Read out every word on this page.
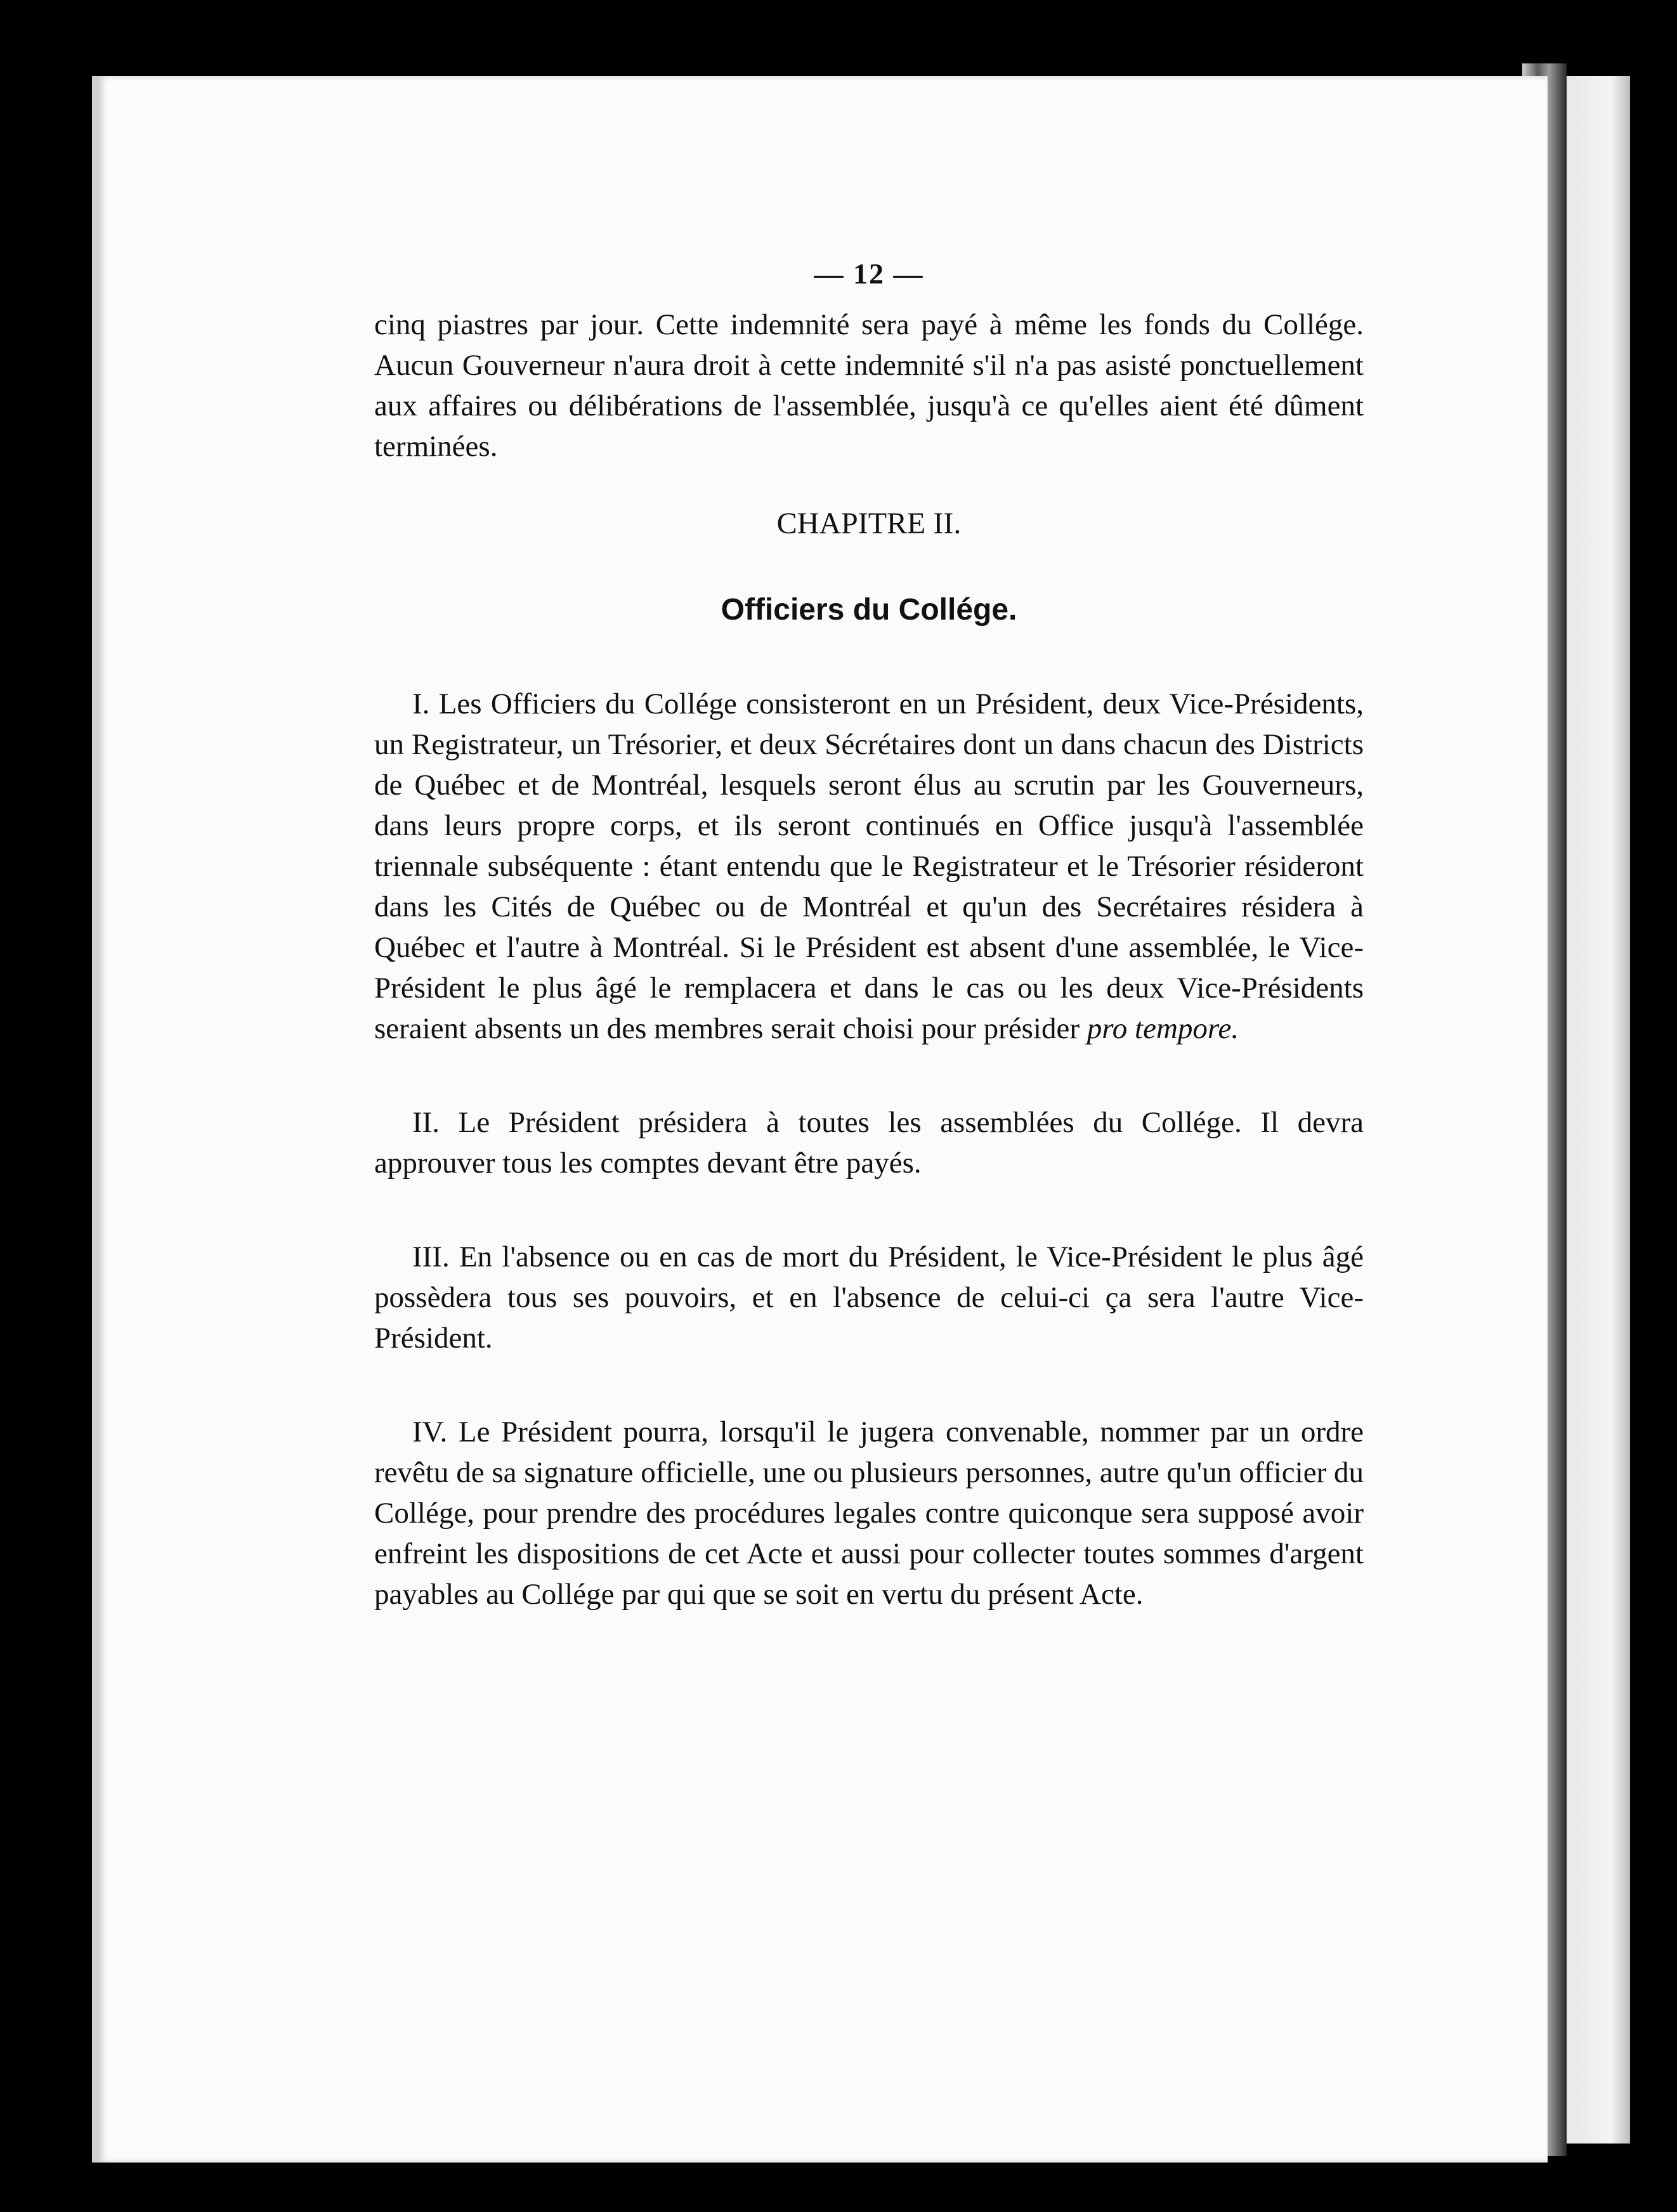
— 12 —

cinq piastres par jour. Cette indemnité sera payé à même les fonds du Collége. Aucun Gouverneur n'aura droit à cette indemnité s'il n'a pas asisté ponctuellement aux affaires ou délibérations de l'assemblée, jusqu'à ce qu'elles aient été dûment terminées.

CHAPITRE II.
Officiers du Collége.

I. Les Officiers du Collége consisteront en un Président, deux Vice-Présidents, un Registrateur, un Trésorier, et deux Sécrétaires dont un dans chacun des Districts de Québec et de Montréal, lesquels seront élus au scrutin par les Gouverneurs, dans leurs propre corps, et ils seront continués en Office jusqu'à l'assemblée triennale subséquente : étant entendu que le Registrateur et le Trésorier résideront dans les Cités de Québec ou de Montréal et qu'un des Secrétaires résidera à Québec et l'autre à Montréal. Si le Président est absent d'une assemblée, le Vice-Président le plus âgé le remplacera et dans le cas ou les deux Vice-Présidents seraient absents un des membres serait choisi pour présider pro tempore.

II. Le Président présidera à toutes les assemblées du Collége. Il devra approuver tous les comptes devant être payés.

III. En l'absence ou en cas de mort du Président, le Vice-Président le plus âgé possèdera tous ses pouvoirs, et en l'absence de celui-ci ça sera l'autre Vice-Président.

IV. Le Président pourra, lorsqu'il le jugera convenable, nommer par un ordre revêtu de sa signature officielle, une ou plusieurs personnes, autre qu'un officier du Collége, pour prendre des procédures legales contre quiconque sera supposé avoir enfreint les dispositions de cet Acte et aussi pour collecter toutes sommes d'argent payables au Collége par qui que se soit en vertu du présent Acte.
